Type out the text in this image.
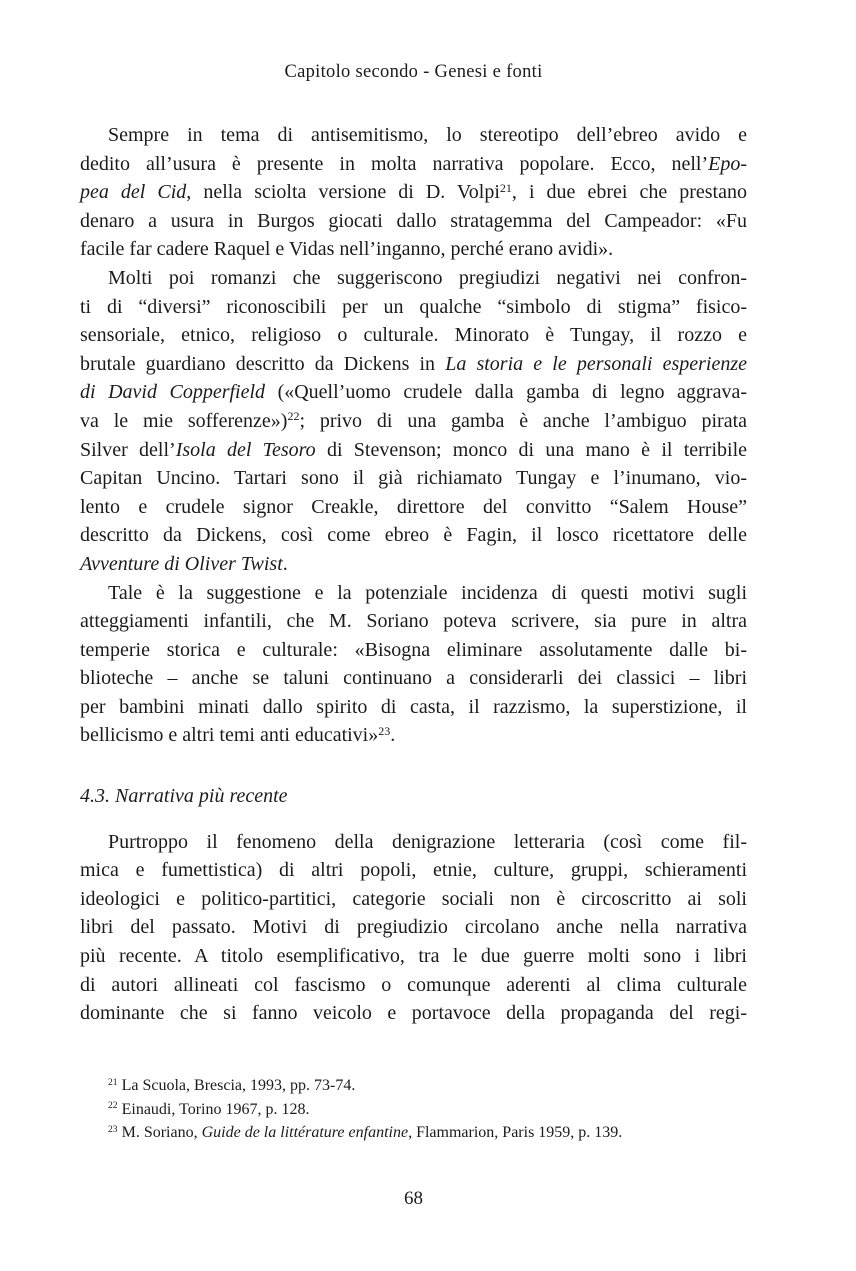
Capitolo secondo - Genesi e fonti
Sempre in tema di antisemitismo, lo stereotipo dell’ebreo avido e
dedito all’usura è presente in molta narrativa popolare. Ecco, nell’Epo-
pea del Cid, nella sciolta versione di D. Volpi$^{21}$, i due ebrei che prestano
denaro a usura in Burgos giocati dallo stratagemma del Campeador: «Fu
facile far cadere Raquel e Vidas nell’inganno, perché erano avidi».
Molti poi romanzi che suggeriscono pregiudizi negativi nei confron-
ti di “diversi” riconoscibili per un qualche “simbolo di stigma” fisico-
sensoriale, etnico, religioso o culturale. Minorato è Tungay, il rozzo e
brutale guardiano descritto da Dickens in La storia e le personali esperienze
di David Copperfield («Quell’uomo crudele dalla gamba di legno aggrava-
va le mie sofferenze»)$^{22}$; privo di una gamba è anche l’ambiguo pirata
Silver dell’Isola del Tesoro di Stevenson; monco di una mano è il terribile
Capitan Uncino. Tartari sono il già richiamato Tungay e l’inumano, vio-
lento e crudele signor Creakle, direttore del convitto “Salem House”
descritto da Dickens, così come ebreo è Fagin, il losco ricettatore delle
Avventure di Oliver Twist.
Tale è la suggestione e la potenziale incidenza di questi motivi sugli
atteggiamenti infantili, che M. Soriano poteva scrivere, sia pure in altra
temperie storica e culturale: «Bisogna eliminare assolutamente dalle bi-
blioteche – anche se taluni continuano a considerarli dei classici – libri
per bambini minati dallo spirito di casta, il razzismo, la superstizione, il
bellicismo e altri temi anti educativi»$^{23}$.
4.3. Narrativa più recente
Purtroppo il fenomeno della denigrazione letteraria (così come fil-
mica e fumettistica) di altri popoli, etnie, culture, gruppi, schieramenti
ideologici e politico-partitici, categorie sociali non è circoscritto ai soli
libri del passato. Motivi di pregiudizio circolano anche nella narrativa
più recente. A titolo esemplificativo, tra le due guerre molti sono i libri
di autori allineati col fascismo o comunque aderenti al clima culturale
dominante che si fanno veicolo e portavoce della propaganda del regi-
$^{21}$ La Scuola, Brescia, 1993, pp. 73-74.
$^{22}$ Einaudi, Torino 1967, p. 128.
$^{23}$ M. Soriano, Guide de la littérature enfantine, Flammarion, Paris 1959, p. 139.
68
